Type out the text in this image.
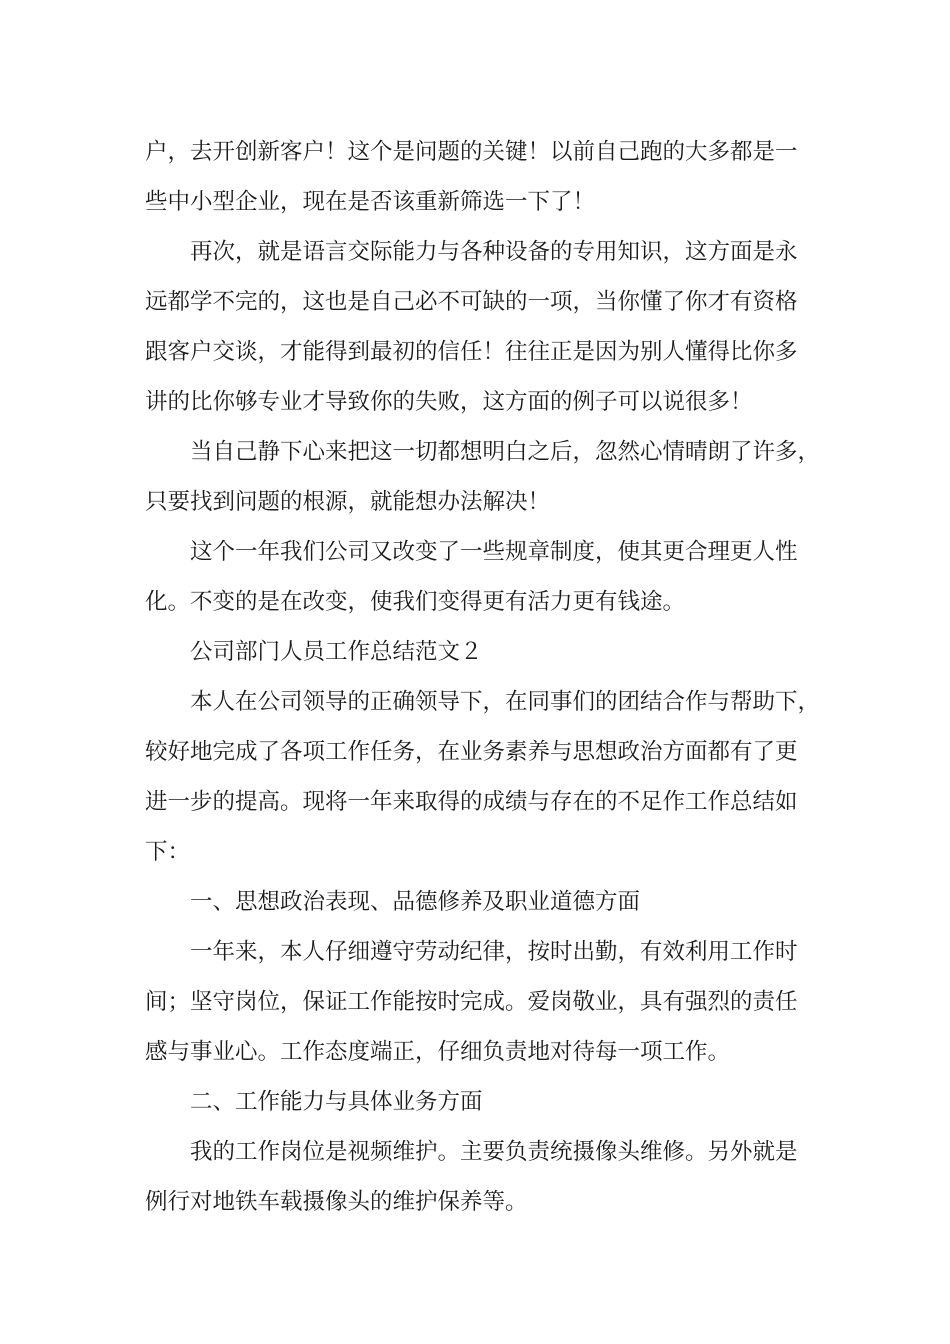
户，去开创新客户！这个是问题的关键！以前自己跑的大多都是一
些中小型企业，现在是否该重新筛选一下了！

再次，就是语言交际能力与各种设备的专用知识，这方面是永
远都学不完的，这也是自己必不可缺的一项，当你懂了你才有资格
跟客户交谈，才能得到最初的信任！往往正是因为别人懂得比你多
讲的比你够专业才导致你的失败，这方面的例子可以说很多！

当自己静下心来把这一切都想明白之后，忽然心情晴朗了许多，
只要找到问题的根源，就能想办法解决！

这个一年我们公司又改变了一些规章制度，使其更合理更人性
化。不变的是在改变，使我们变得更有活力更有钱途。

公司部门人员工作总结范文２

本人在公司领导的正确领导下，在同事们的团结合作与帮助下，
较好地完成了各项工作任务，在业务素养与思想政治方面都有了更
进一步的提高。现将一年来取得的成绩与存在的不足作工作总结如
下：

一、思想政治表现、品德修养及职业道德方面

一年来，本人仔细遵守劳动纪律，按时出勤，有效利用工作时
间；坚守岗位，保证工作能按时完成。爱岗敬业，具有强烈的责任
感与事业心。工作态度端正，仔细负责地对待每一项工作。

二、工作能力与具体业务方面

我的工作岗位是视频维护。主要负责统摄像头维修。另外就是
例行对地铁车载摄像头的维护保养等。
